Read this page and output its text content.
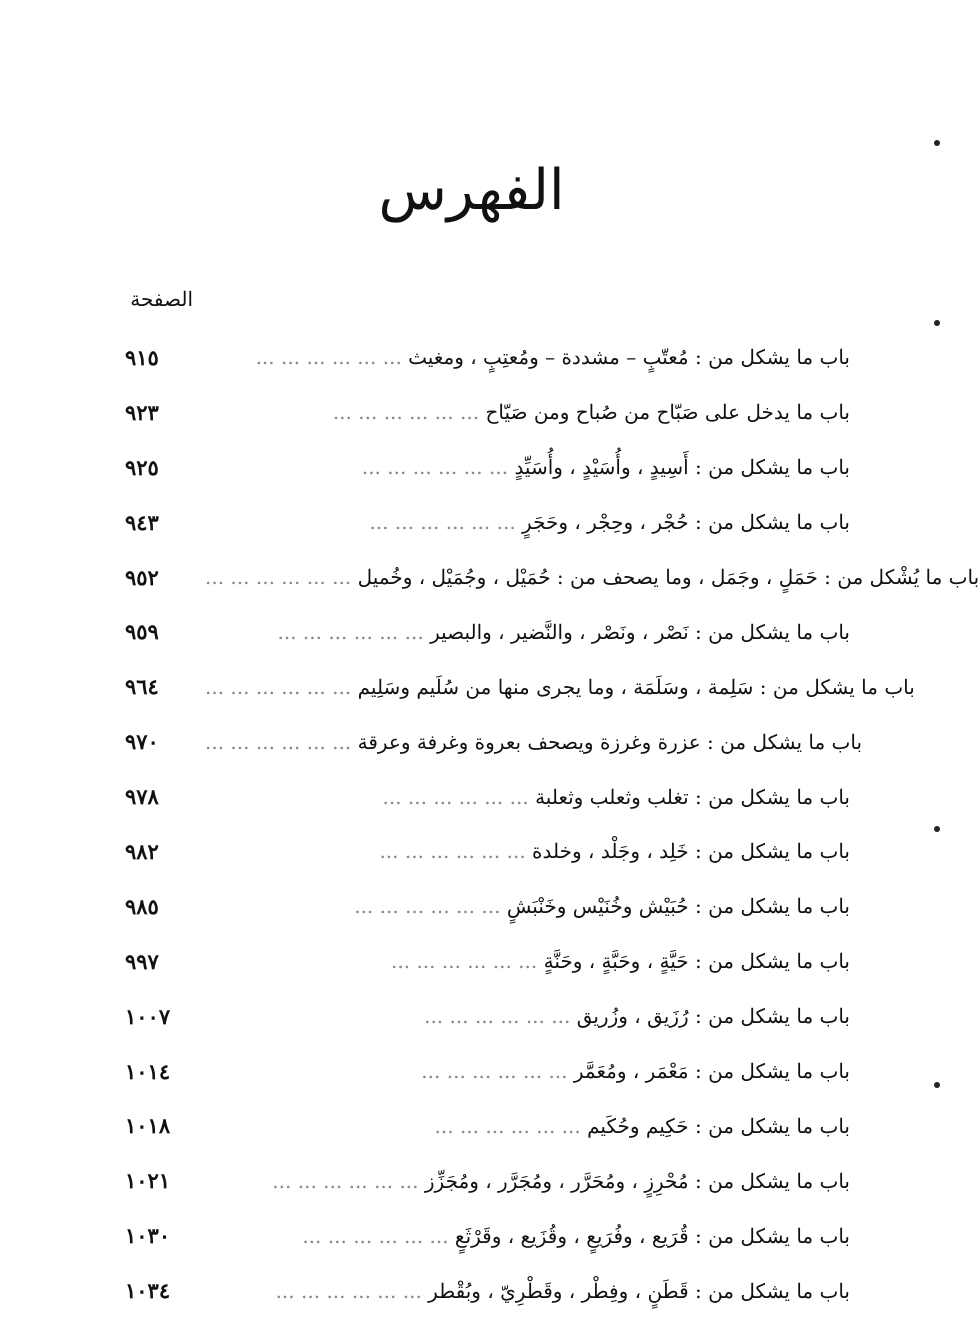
الفهرس
الصفحة
٩١٥	باب ما يشكل من : مُعتّبٍ – مشددة – ومُعتِبٍ ، ومغيث ... ... ... ... ... ...
٩٢٣	باب ما يدخل على صَبّاح من صُباح ومن صَيّاح ... ... ... ... ... ...
٩٢٥	باب ما يشكل من : أَسِيدٍ ، وأُسَيْدٍ ، وأُسَيِّدٍ ... ... ... ... ... ...
٩٤٣	باب ما يشكل من : حُجْر ، وحِجْر ، وحَجَرٍ ... ... ... ... ... ...
٩٥٢	باب ما يُشْكل من : حَمَلٍ ، وجَمَل ، وما يصحف من : حُمَيْل ، وجُمَيْل ، وخُميل ... ... ... ... ... ...
٩٥٩	باب ما يشكل من : نَصْر ، ونَصْر ، والنَّضير ، والبصير ... ... ... ... ... ...
٩٦٤	باب ما يشكل من : سَلِمة ، وسَلَمَة ، وما يجرى منها من سُلَيم وسَلِيم ... ... ... ... ... ...
٩٧٠	باب ما يشكل من : عزرة وغرزة ويصحف بعروة وغرفة وعرقة ... ... ... ... ... ...
٩٧٨	باب ما يشكل من : تغلب وثعلب وثعلبة ... ... ... ... ... ...
٩٨٢	باب ما يشكل من : خَلِد ، وجَلْد ، وخلدة ... ... ... ... ... ...
٩٨٥	باب ما يشكل من : حُبَيْش وخُنَيْس وخَنْبَشٍ ... ... ... ... ... ...
٩٩٧	باب ما يشكل من : حَيَّةٍ ، وحَبَّةٍ ، وحَنَّةٍ ... ... ... ... ... ...
١٠٠٧	باب ما يشكل من : رُزَيق ، وزُريق ... ... ... ... ... ...
١٠١٤	باب ما يشكل من : مَعْمَر ، ومُعَمَّر ... ... ... ... ... ...
١٠١٨	باب ما يشكل من : حَكِيم وحُكَيم ... ... ... ... ... ...
١٠٢١	باب ما يشكل من : مُحْرِزٍ ، ومُحَرَّر ، ومُجَرَّر ، ومُجَزِّز ... ... ... ... ... ...
١٠٣٠	باب ما يشكل من : قُرَيع ، وفُرَيعٍ ، وقُزَيع ، وقَرْثَعٍ ... ... ... ... ... ...
١٠٣٤	باب ما يشكل من : قَطَنٍ ، وفِطْر ، وقَطْرِيّ ، وبُقْطر ... ... ... ... ... ...
